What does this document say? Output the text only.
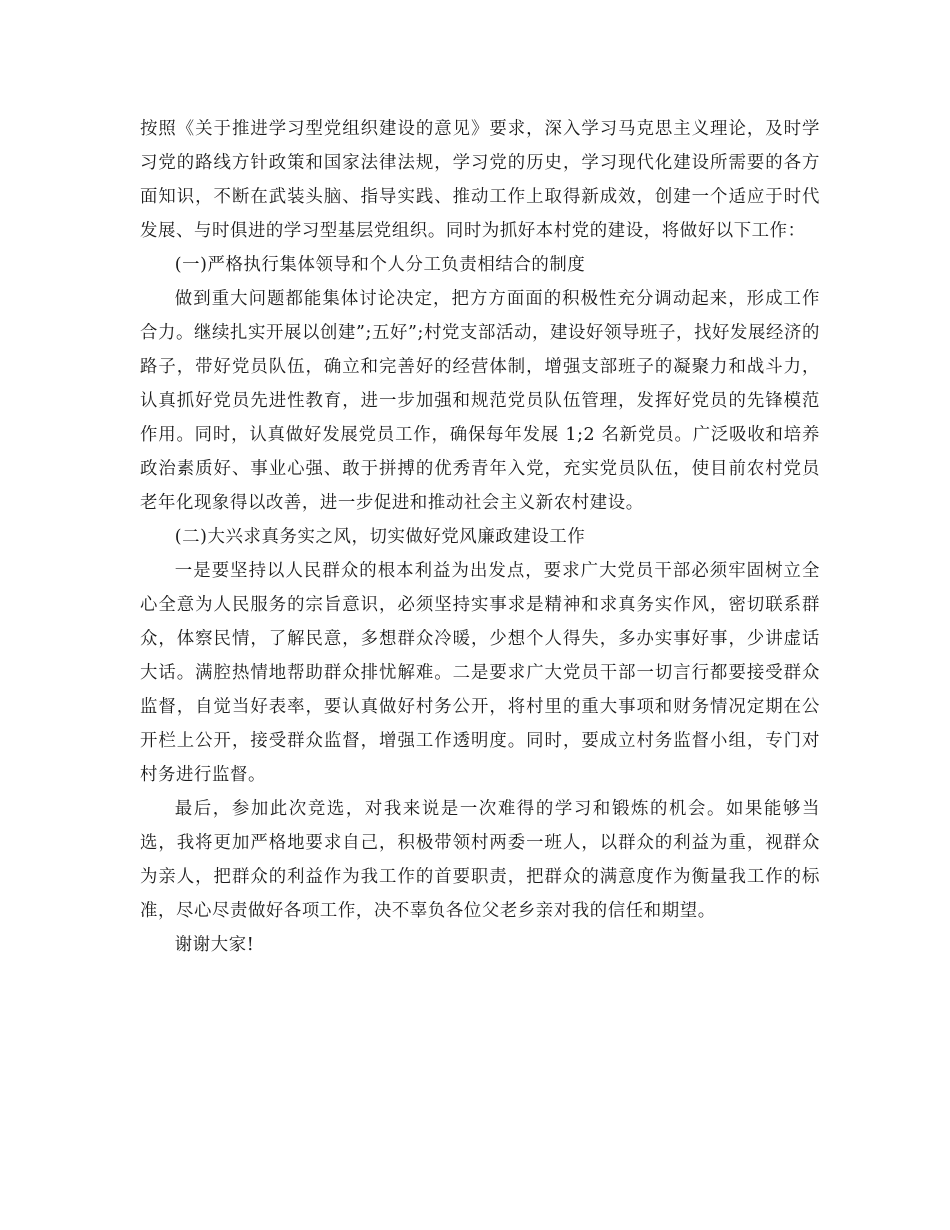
按照《关于推进学习型党组织建设的意见》要求，深入学习马克思主义理论，及时学习党的路线方针政策和国家法律法规，学习党的历史，学习现代化建设所需要的各方面知识，不断在武装头脑、指导实践、推动工作上取得新成效，创建一个适应于时代发展、与时俱进的学习型基层党组织。同时为抓好本村党的建设，将做好以下工作：

(一)严格执行集体领导和个人分工负责相结合的制度

做到重大问题都能集体讨论决定，把方方面面的积极性充分调动起来，形成工作合力。继续扎实开展以创建”;五好”;村党支部活动，建设好领导班子，找好发展经济的路子，带好党员队伍，确立和完善好的经营体制，增强支部班子的凝聚力和战斗力，认真抓好党员先进性教育，进一步加强和规范党员队伍管理，发挥好党员的先锋模范作用。同时，认真做好发展党员工作，确保每年发展 1;2 名新党员。广泛吸收和培养政治素质好、事业心强、敢于拼搏的优秀青年入党，充实党员队伍，使目前农村党员老年化现象得以改善，进一步促进和推动社会主义新农村建设。

(二)大兴求真务实之风，切实做好党风廉政建设工作

一是要坚持以人民群众的根本利益为出发点，要求广大党员干部必须牢固树立全心全意为人民服务的宗旨意识，必须坚持实事求是精神和求真务实作风，密切联系群众，体察民情，了解民意，多想群众冷暖，少想个人得失，多办实事好事，少讲虚话大话。满腔热情地帮助群众排忧解难。二是要求广大党员干部一切言行都要接受群众监督，自觉当好表率，要认真做好村务公开，将村里的重大事项和财务情况定期在公开栏上公开，接受群众监督，增强工作透明度。同时，要成立村务监督小组，专门对村务进行监督。

最后，参加此次竞选，对我来说是一次难得的学习和锻炼的机会。如果能够当选，我将更加严格地要求自己，积极带领村两委一班人，以群众的利益为重，视群众为亲人，把群众的利益作为我工作的首要职责，把群众的满意度作为衡量我工作的标准，尽心尽责做好各项工作，决不辜负各位父老乡亲对我的信任和期望。

谢谢大家!
